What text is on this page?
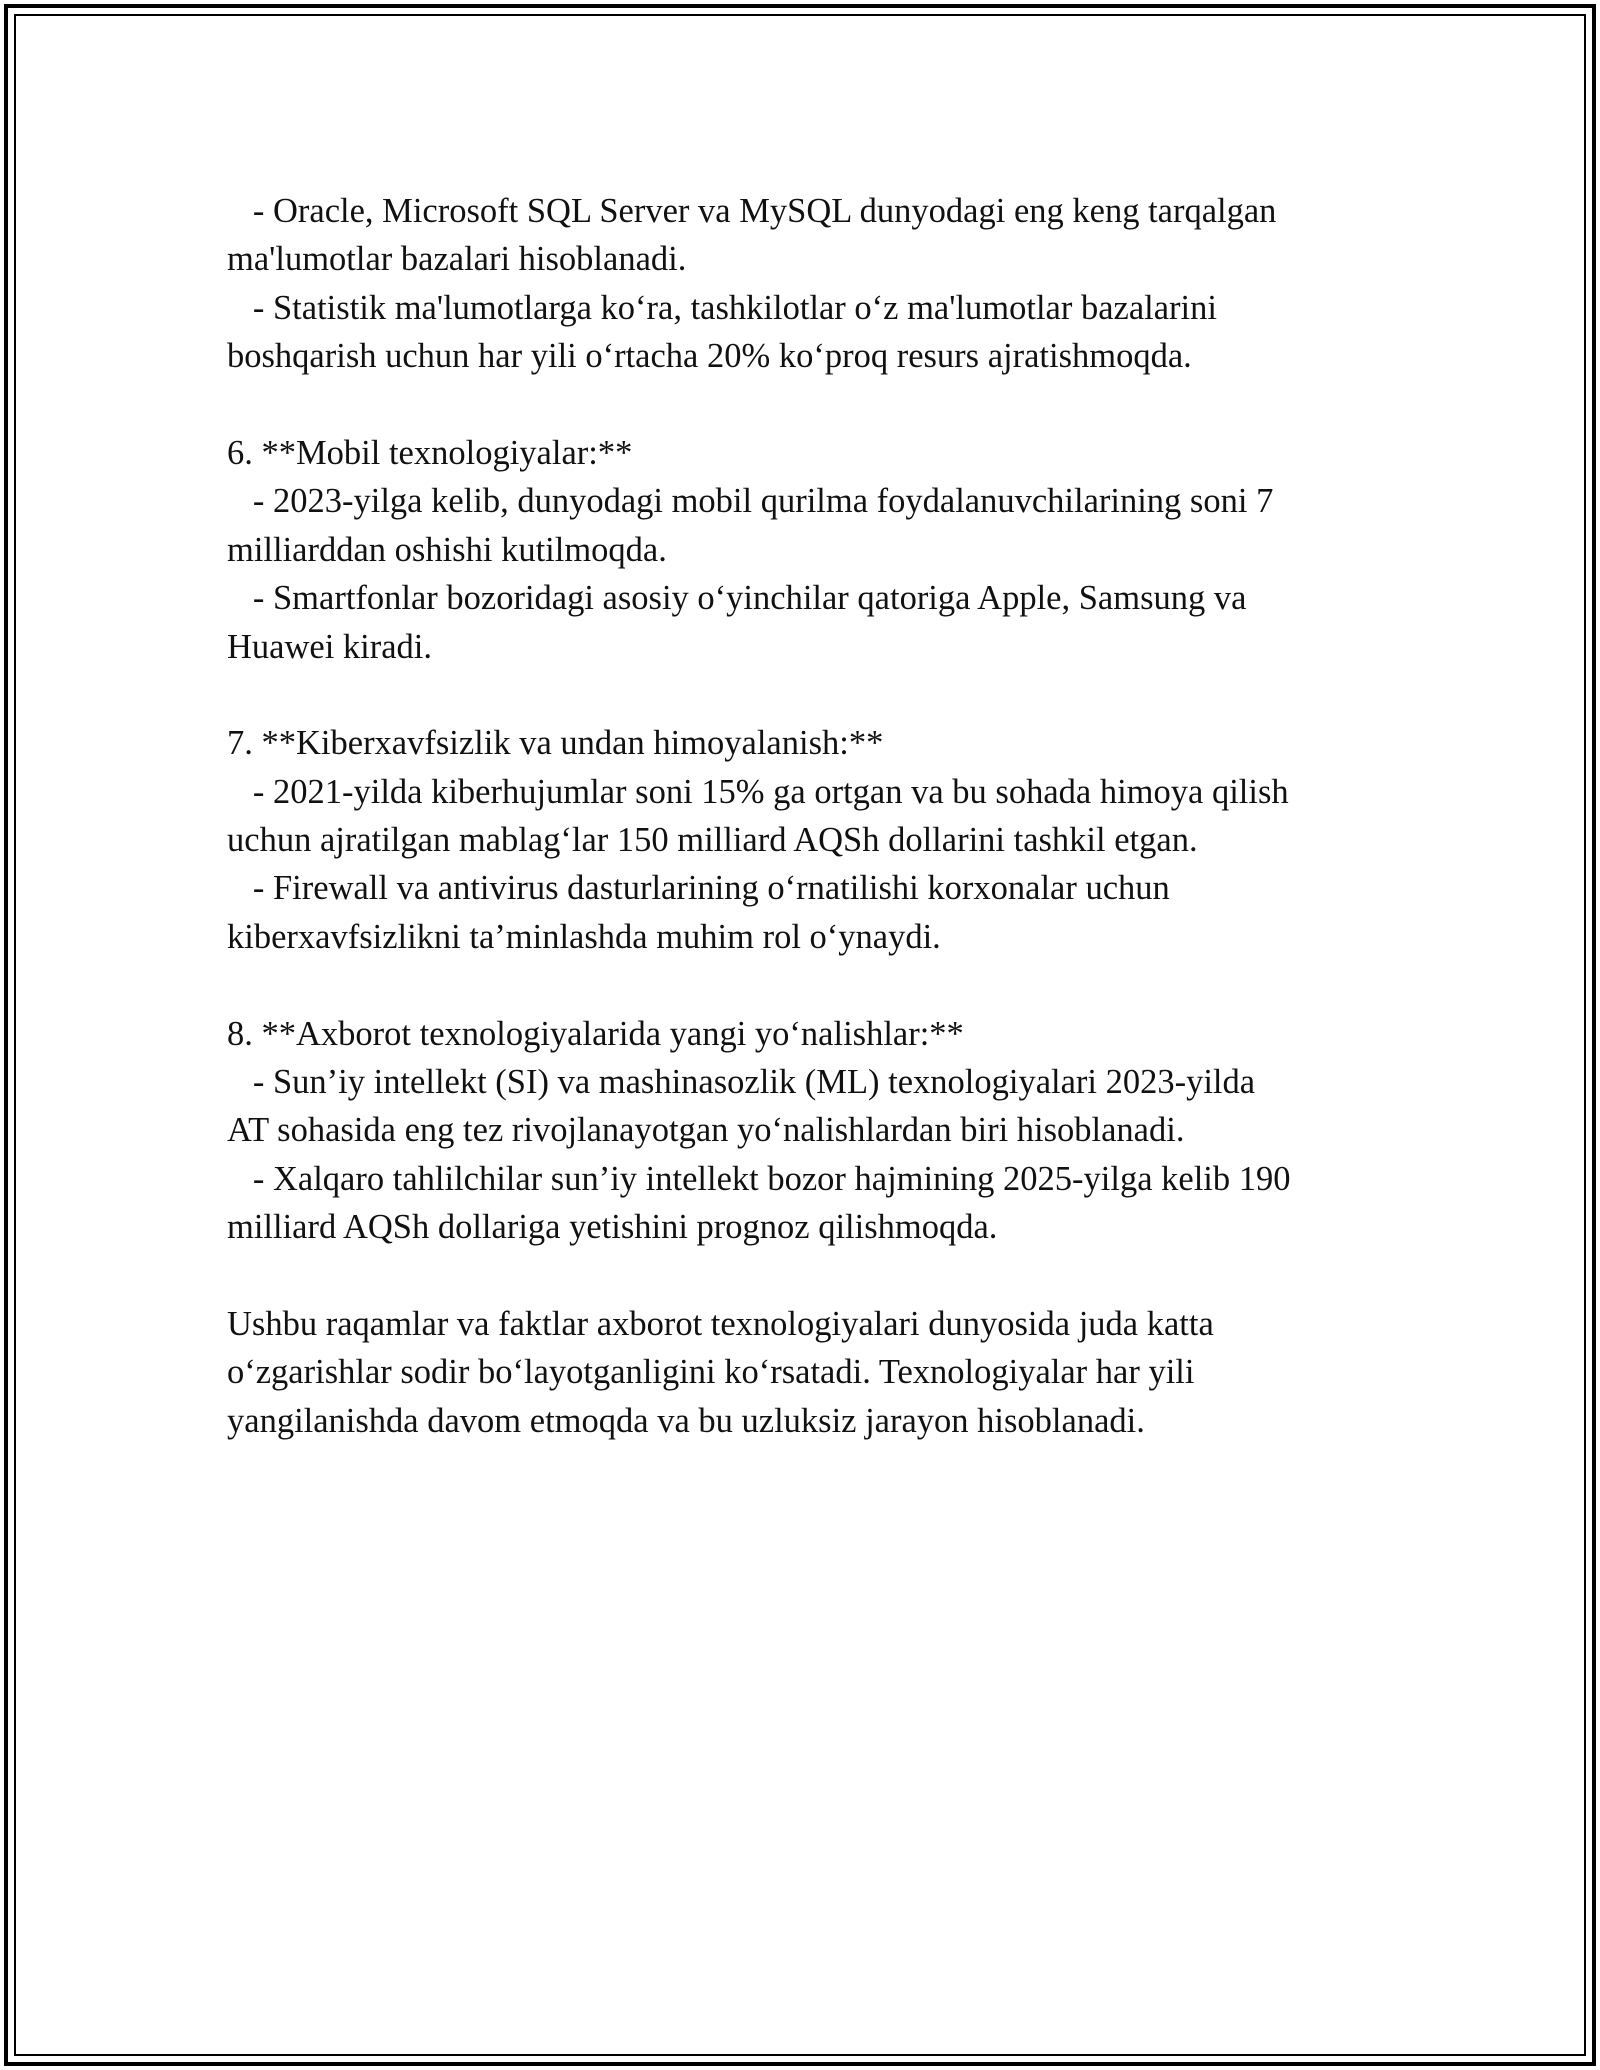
- Oracle, Microsoft SQL Server va MySQL dunyodagi eng keng tarqalgan
ma'lumotlar bazalari hisoblanadi.
- Statistik ma'lumotlarga ko‘ra, tashkilotlar o‘z ma'lumotlar bazalarini
boshqarish uchun har yili o‘rtacha 20% ko‘proq resurs ajratishmoqda.
6. **Mobil texnologiyalar:**
- 2023-yilga kelib, dunyodagi mobil qurilma foydalanuvchilarining soni 7
milliarddan oshishi kutilmoqda.
- Smartfonlar bozoridagi asosiy o‘yinchilar qatoriga Apple, Samsung va
Huawei kiradi.
7. **Kiberxavfsizlik va undan himoyalanish:**
- 2021-yilda kiberhujumlar soni 15% ga ortgan va bu sohada himoya qilish
uchun ajratilgan mablag‘lar 150 milliard AQSh dollarini tashkil etgan.
- Firewall va antivirus dasturlarining o‘rnatilishi korxonalar uchun
kiberxavfsizlikni ta’minlashda muhim rol o‘ynaydi.
8. **Axborot texnologiyalarida yangi yo‘nalishlar:**
- Sun’iy intellekt (SI) va mashinasozlik (ML) texnologiyalari 2023-yilda
AT sohasida eng tez rivojlanayotgan yo‘nalishlardan biri hisoblanadi.
- Xalqaro tahlilchilar sun’iy intellekt bozor hajmining 2025-yilga kelib 190
milliard AQSh dollariga yetishini prognoz qilishmoqda.
Ushbu raqamlar va faktlar axborot texnologiyalari dunyosida juda katta
o‘zgarishlar sodir bo‘layotganligini ko‘rsatadi. Texnologiyalar har yili
yangilanishda davom etmoqda va bu uzluksiz jarayon hisoblanadi.
